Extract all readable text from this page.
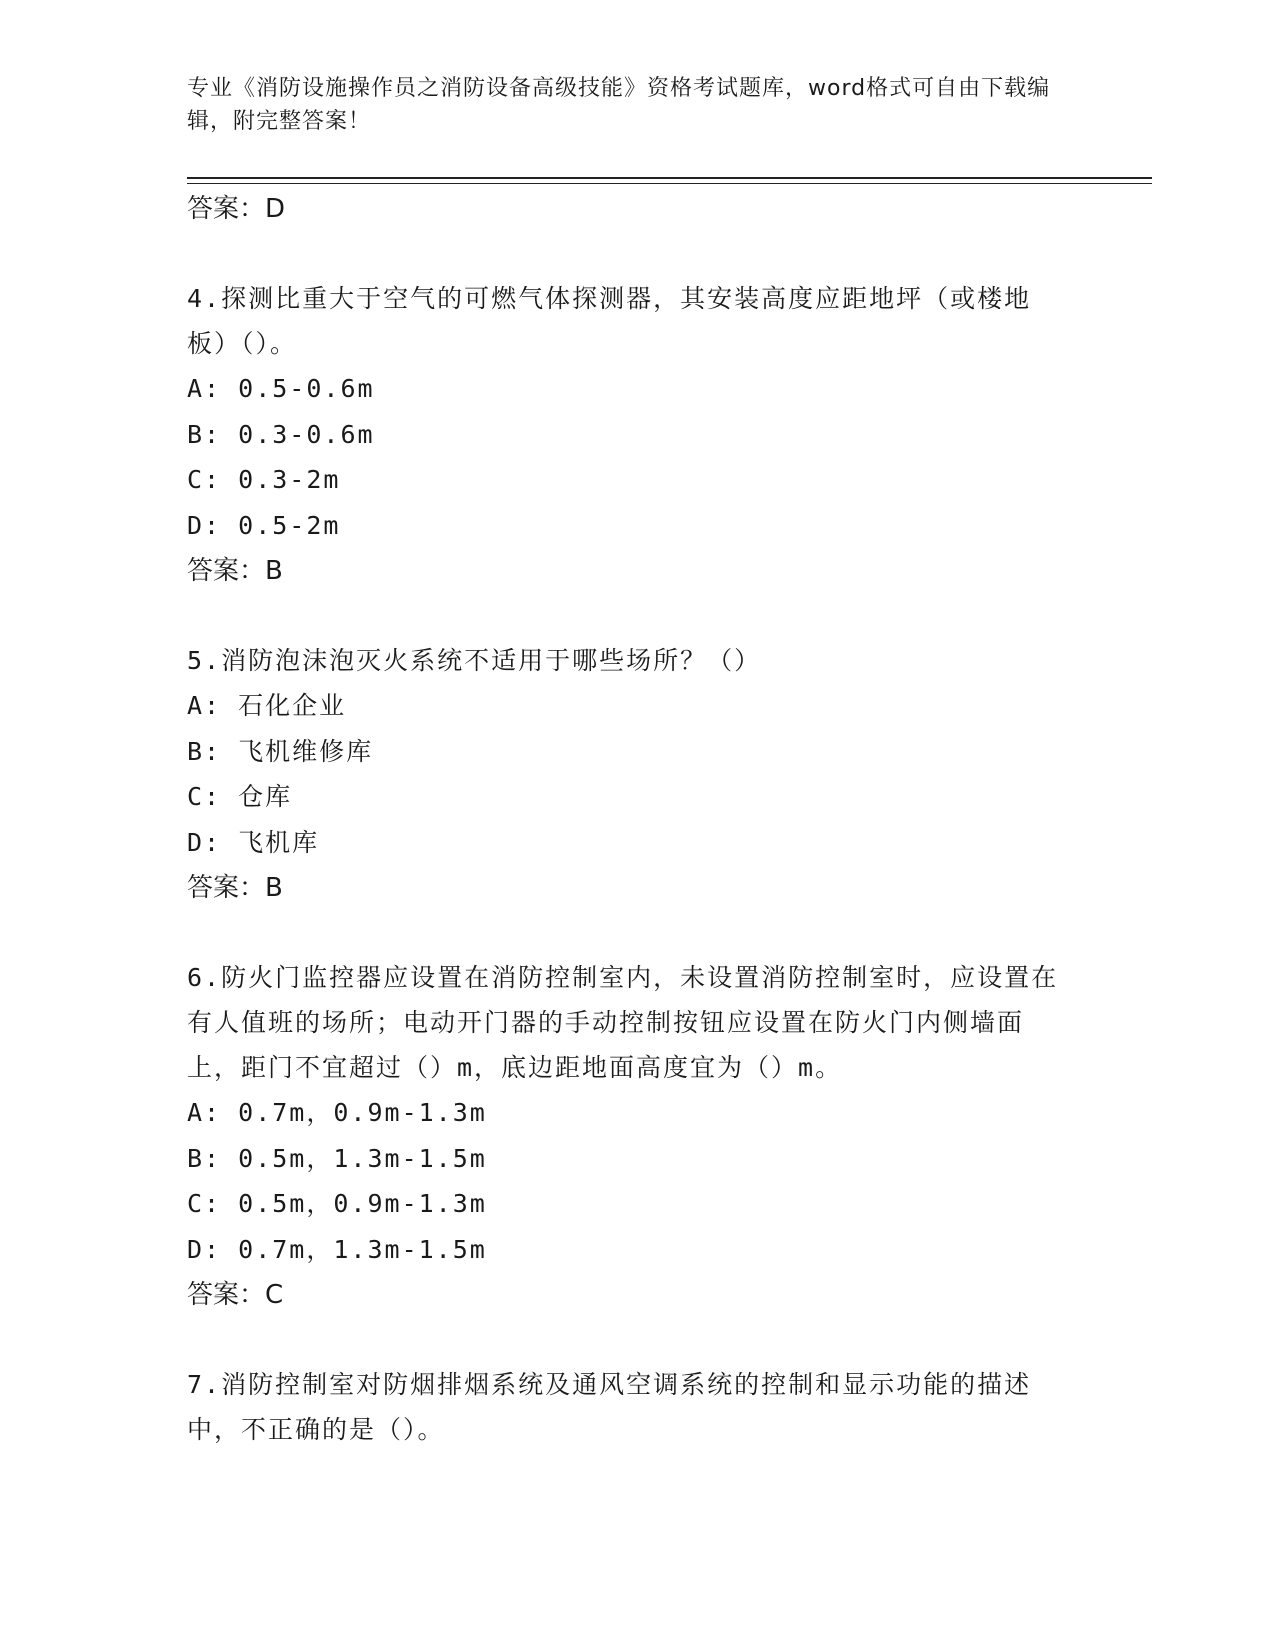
专业《消防设施操作员之消防设备高级技能》资格考试题库，word格式可自由下载编辑，附完整答案！
答案：D
4.探测比重大于空气的可燃气体探测器，其安装高度应距地坪（或楼地板）（）。
A: 0.5-0.6m
B: 0.3-0.6m
C: 0.3-2m
D: 0.5-2m
答案：B
5.消防泡沫泡灭火系统不适用于哪些场所？（）
A: 石化企业
B: 飞机维修库
C: 仓库
D: 飞机库
答案：B
6.防火门监控器应设置在消防控制室内，未设置消防控制室时，应设置在有人值班的场所；电动开门器的手动控制按钮应设置在防火门内侧墙面上，距门不宜超过（）m，底边距地面高度宜为（）m。
A: 0.7m，0.9m-1.3m
B: 0.5m，1.3m-1.5m
C: 0.5m，0.9m-1.3m
D: 0.7m，1.3m-1.5m
答案：C
7.消防控制室对防烟排烟系统及通风空调系统的控制和显示功能的描述中，不正确的是（）。
